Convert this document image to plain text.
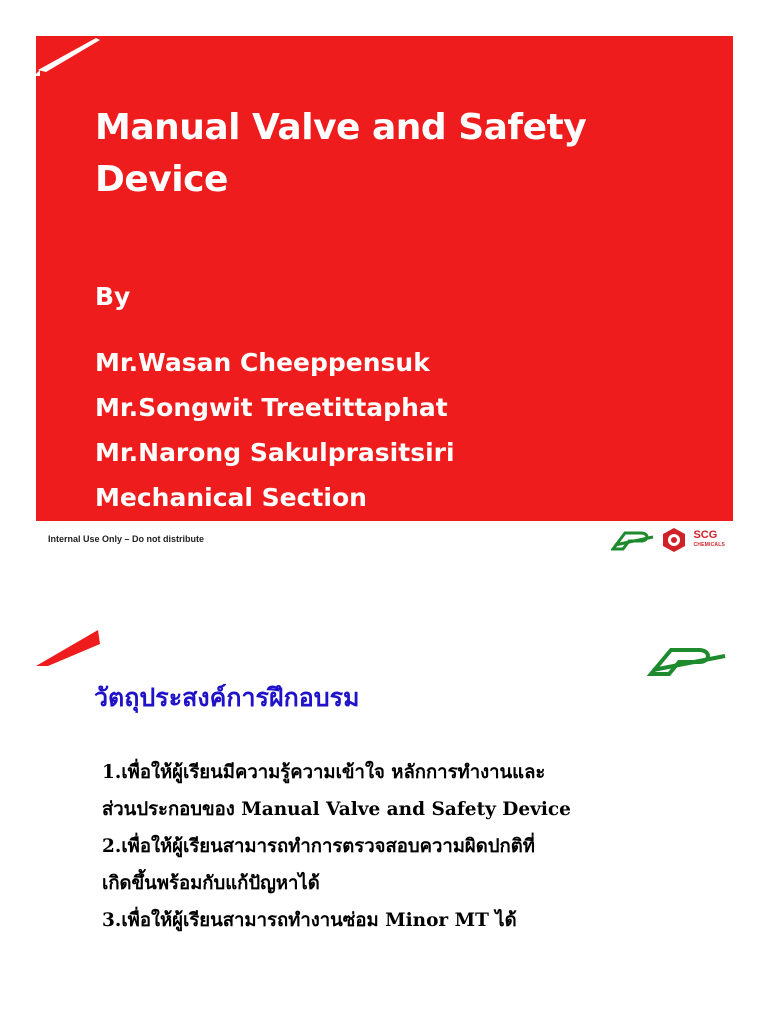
Manual Valve and Safety Device
By
Mr.Wasan Cheeppensuk
Mr.Songwit Treetittaphat
Mr.Narong Sakulprasitsiri
Mechanical Section
Internal Use Only – Do not distribute	SCG
CHEMICALS
วัตถุประสงค์การฝึกอบรม
1.เพื่อให้ผู้เรียนมีความรู้ความเข้าใจ หลักการทำงานและ
ส่วนประกอบของ Manual Valve and Safety Device
2.เพื่อให้ผู้เรียนสามารถทำการตรวจสอบความผิดปกติที่
เกิดขึ้นพร้อมกับแก้ปัญหาได้
3.เพื่อให้ผู้เรียนสามารถทำงานซ่อม Minor MT ได้
